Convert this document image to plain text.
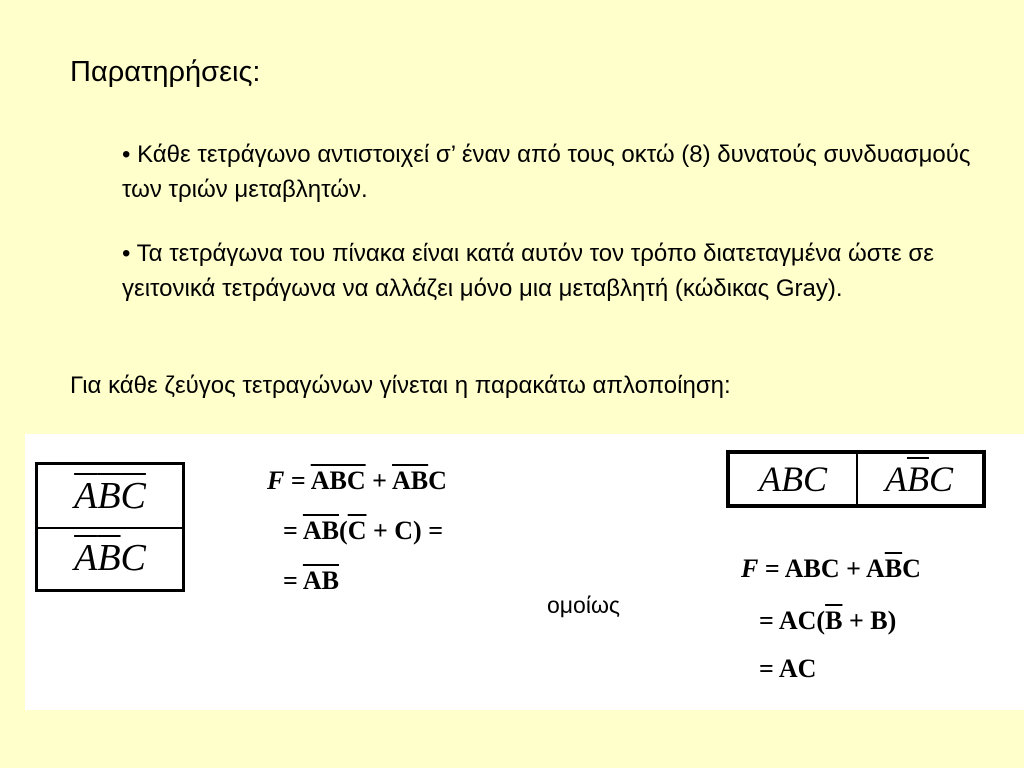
Παρατηρήσεις:
• Κάθε τετράγωνο αντιστοιχεί σ’ έναν από τους οκτώ (8) δυνατούς συνδυασμούς των τριών μεταβλητών.
• Τα τετράγωνα του πίνακα είναι κατά αυτόν τον τρόπο διατεταγμένα ώστε σε γειτονικά τετράγωνα να αλλάζει μόνο μια μεταβλητή (κώδικας Gray).
Για κάθε ζεύγος τετραγώνων γίνεται η παρακάτω απλοποίηση:
$\overline{A}\overline{B}\overline{C}$
$\overline{A}\overline{B}C$
$F = \overline{ABC} + \overline{AB}C$
= $\overline{AB}(\overline{C} + C)$ =
= $\overline{AB}$
ομοίως
ABC $A\overline{B}C$
F = ABC + $A\overline{B}C$
= $AC(\overline{B} + B)$
= AC
